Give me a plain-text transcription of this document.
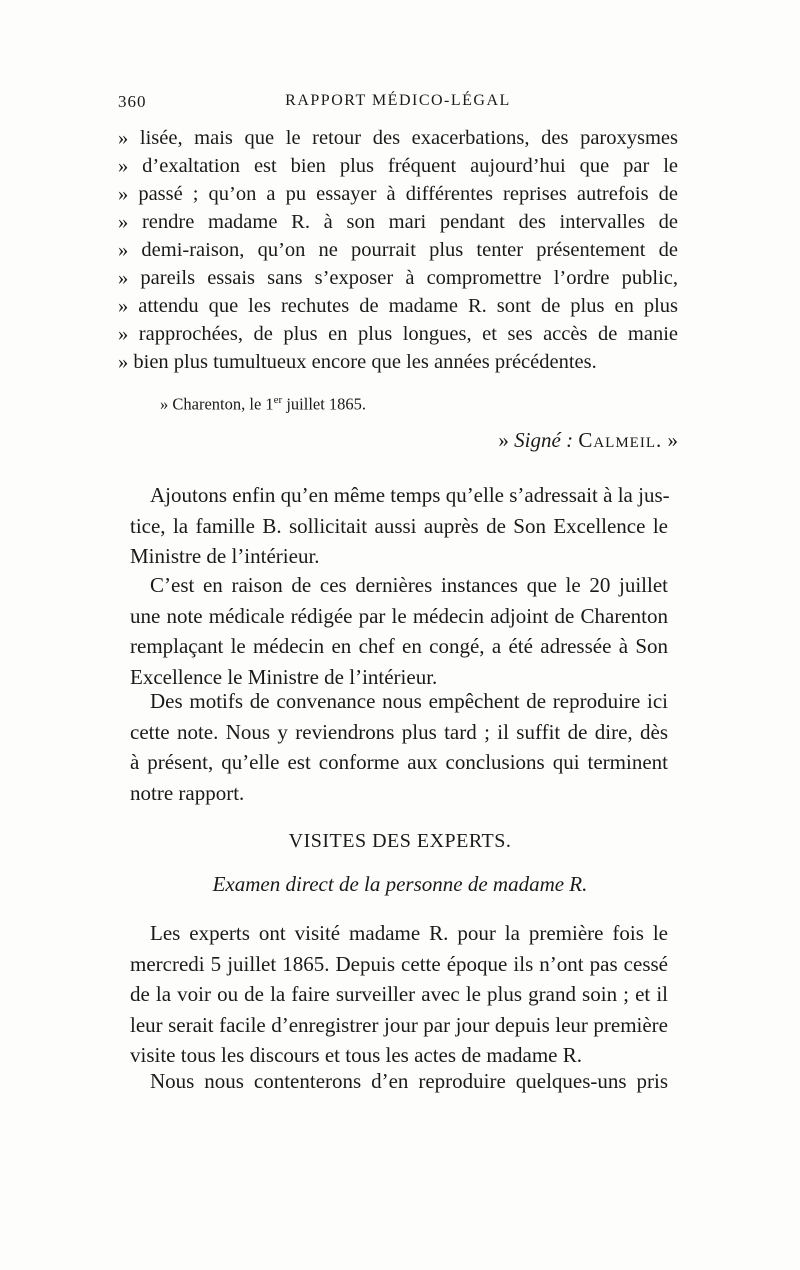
360	RAPPORT MÉDICO-LÉGAL
» lisée, mais que le retour des exacerbations, des paroxysmes
» d’exaltation est bien plus fréquent aujourd’hui que par le
» passé ; qu’on a pu essayer à différentes reprises autrefois de
» rendre madame R. à son mari pendant des intervalles de
» demi-raison, qu’on ne pourrait plus tenter présentement de
» pareils essais sans s’exposer à compromettre l’ordre public,
» attendu que les rechutes de madame R. sont de plus en plus
» rapprochées, de plus en plus longues, et ses accès de manie
» bien plus tumultueux encore que les années précédentes.
» Charenton, le 1er juillet 1865.
» Signé : Calmeil. »
Ajoutons enfin qu’en même temps qu’elle s’adressait à la jus-
tice, la famille B. sollicitait aussi auprès de Son Excellence le
Ministre de l’intérieur.
C’est en raison de ces dernières instances que le 20 juillet
une note médicale rédigée par le médecin adjoint de Charenton
remplaçant le médecin en chef en congé, a été adressée à Son
Excellence le Ministre de l’intérieur.
Des motifs de convenance nous empêchent de reproduire ici
cette note. Nous y reviendrons plus tard ; il suffit de dire, dès
à présent, qu’elle est conforme aux conclusions qui terminent
notre rapport.
VISITES DES EXPERTS.
Examen direct de la personne de madame R.
Les experts ont visité madame R. pour la première fois le
mercredi 5 juillet 1865. Depuis cette époque ils n’ont pas cessé
de la voir ou de la faire surveiller avec le plus grand soin ; et il
leur serait facile d’enregistrer jour par jour depuis leur première
visite tous les discours et tous les actes de madame R.
Nous nous contenterons d’en reproduire quelques-uns pris
